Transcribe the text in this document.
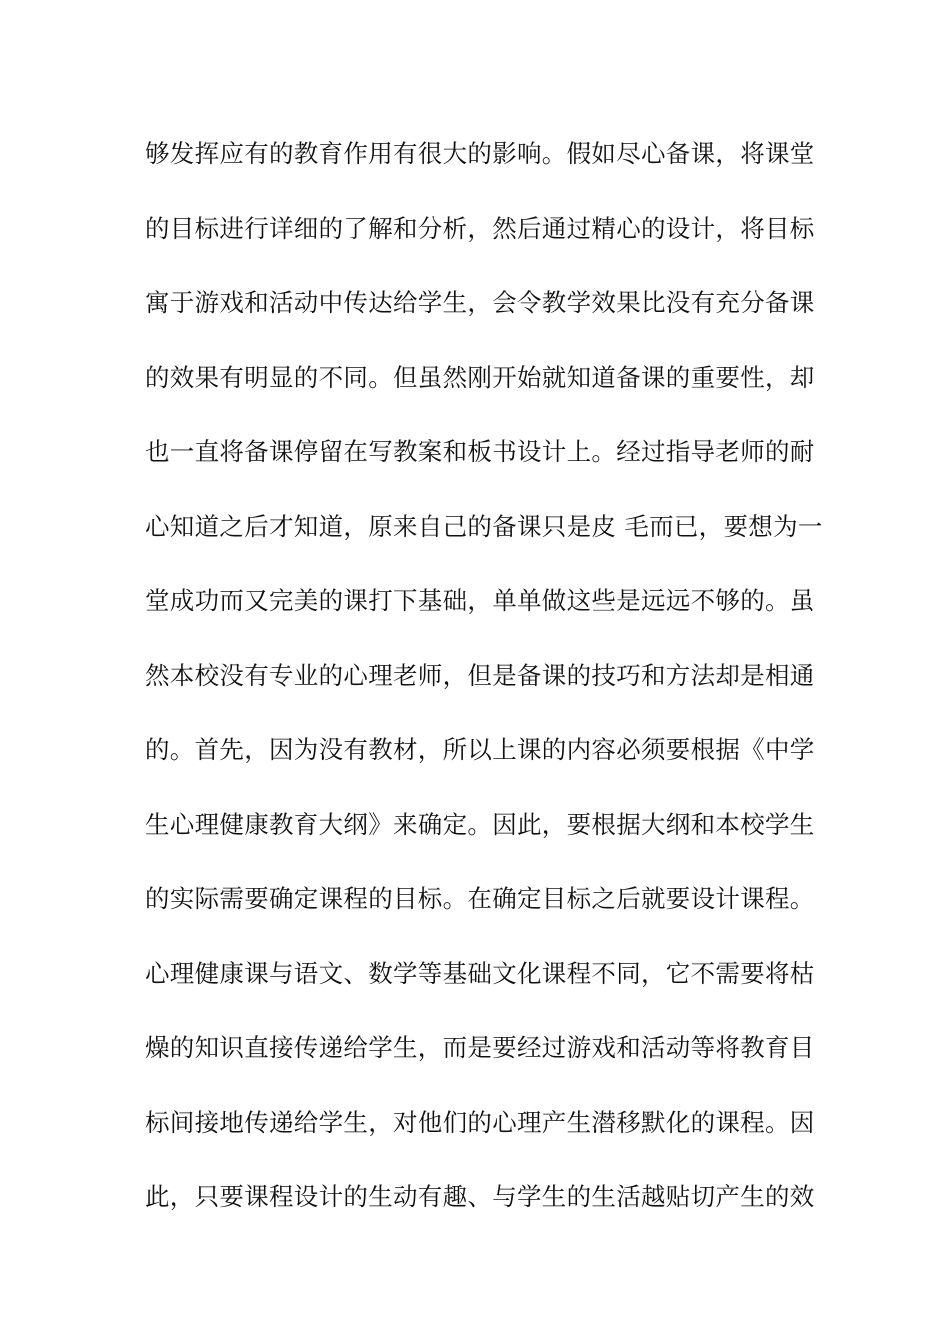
够发挥应有的教育作用有很大的影响。假如尽心备课，将课堂
的目标进行详细的了解和分析，然后通过精心的设计，将目标
寓于游戏和活动中传达给学生，会令教学效果比没有充分备课
的效果有明显的不同。但虽然刚开始就知道备课的重要性，却
也一直将备课停留在写教案和板书设计上。经过指导老师的耐
心知道之后才知道，原来自己的备课只是皮 毛而已，要想为一
堂成功而又完美的课打下基础，单单做这些是远远不够的。虽
然本校没有专业的心理老师，但是备课的技巧和方法却是相通
的。首先，因为没有教材，所以上课的内容必须要根据《中学
生心理健康教育大纲》来确定。因此，要根据大纲和本校学生
的实际需要确定课程的目标。在确定目标之后就要设计课程。
心理健康课与语文、数学等基础文化课程不同，它不需要将枯
燥的知识直接传递给学生，而是要经过游戏和活动等将教育目
标间接地传递给学生，对他们的心理产生潜移默化的课程。因
此，只要课程设计的生动有趣、与学生的生活越贴切产生的效
